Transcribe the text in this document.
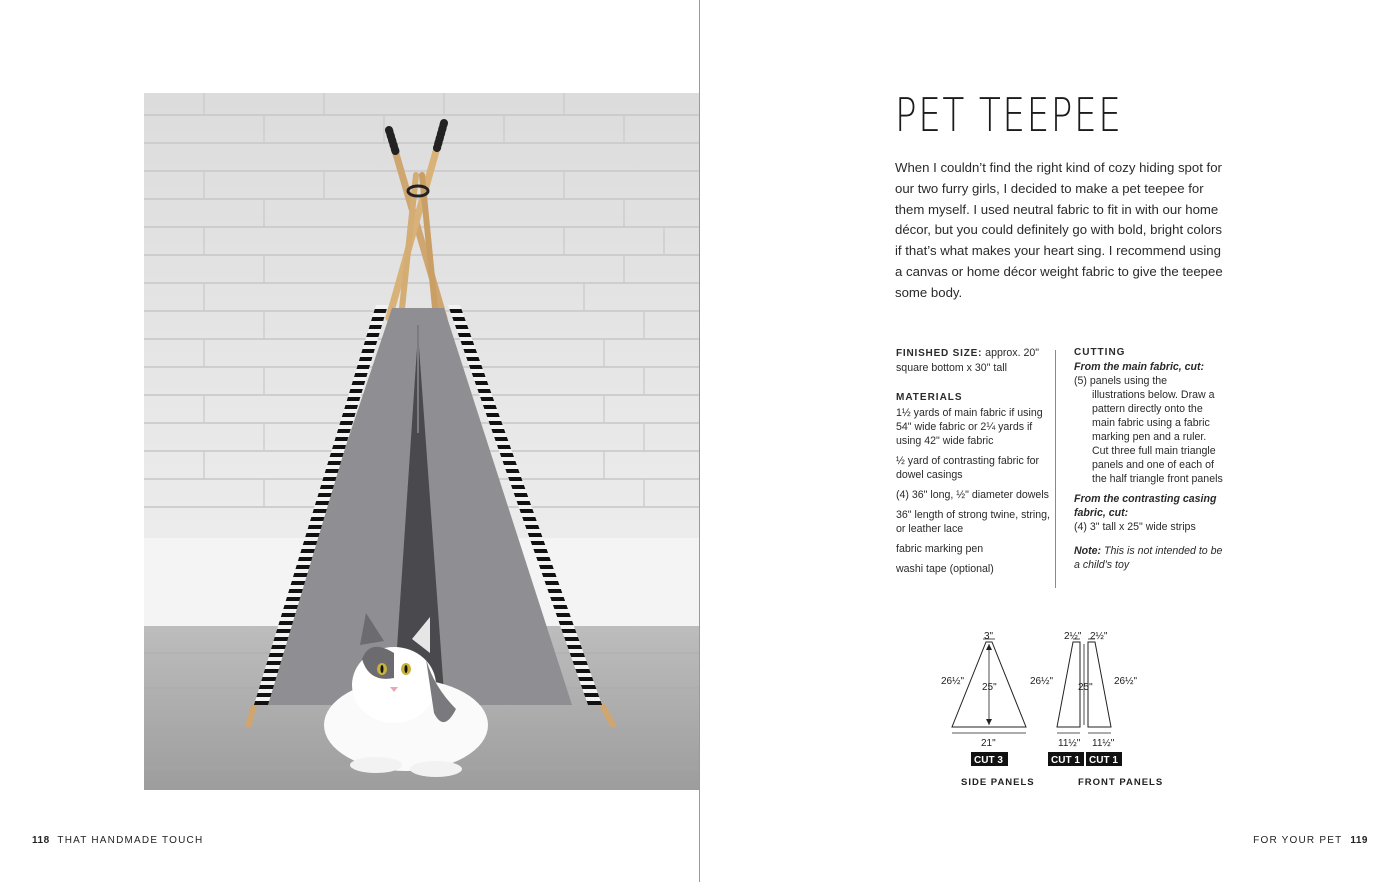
118 THAT HANDMADE TOUCH
PET TEEPEE

When I couldn’t find the right kind of cozy hiding spot for our two furry girls, I decided to make a pet teepee for them myself. I used neutral fabric to fit in with our home décor, but you could definitely go with bold, bright colors if that’s what makes your heart sing. I recommend using a canvas or home décor weight fabric to give the teepee some body.

FINISHED SIZE: approx. 20" square bottom x 30" tall

MATERIALS

1½ yards of main fabric if using 54" wide fabric or 2¼ yards if using 42" wide fabric

½ yard of contrasting fabric for dowel casings

(4) 36" long, ½" diameter dowels

36" length of strong twine, string, or leather lace

fabric marking pen

washi tape (optional)

CUTTING
From the main fabric, cut:
(5) panels using the
illustrations below. Draw a pattern directly onto the main fabric using a fabric marking pen and a ruler. Cut three full main triangle panels and one of each of the half triangle front panels
From the contrasting casing fabric, cut:
(4) 3" tall x 25" wide strips
Note: This is not intended to be a child’s toy
3"
26½"
25"
21"
CUT 3
2½" 2½"
26½"
25"
26½"
11½" 11½"
CUT 1 CUT 1
SIDE PANELS	FRONT PANELS
FOR YOUR PET 119
